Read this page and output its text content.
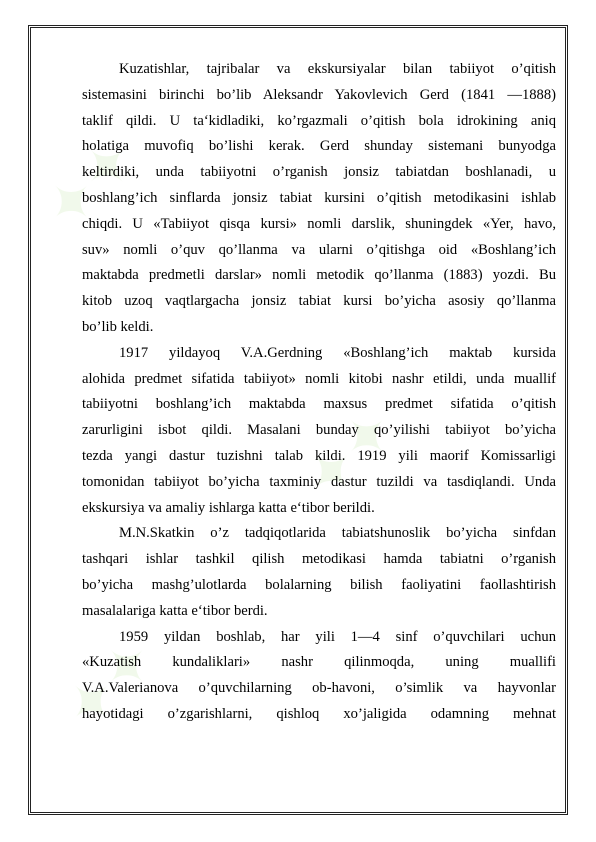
✦✦
✦✦
✦✦
Kuzatishlar, tajribalar va ekskursiyalar bilan tabiiyot o’qitish
sistemasini birinchi bo’lib Aleksandr Yakovlevich Gerd (1841 —1888)
taklif qildi. U ta‘kidladiki, ko’rgazmali o’qitish bola idrokining aniq
holatiga muvofiq bo’lishi kerak. Gerd shunday sistemani bunyodga
keltirdiki, unda tabiiyotni o’rganish jonsiz tabiatdan boshlanadi, u
boshlang’ich sinflarda jonsiz tabiat kursini o’qitish metodikasini ishlab
chiqdi. U «Tabiiyot qisqa kursi» nomli darslik, shuningdek «Yer, havo,
suv» nomli o’quv qo’llanma va ularni o’qitishga oid «Boshlang’ich
maktabda predmetli darslar» nomli metodik qo’llanma (1883) yozdi. Bu
kitob uzoq vaqtlargacha jonsiz tabiat kursi bo’yicha asosiy qo’llanma
bo’lib keldi.
1917 yildayoq V.A.Gerdning «Boshlang’ich maktab kursida
alohida predmet sifatida tabiiyot» nomli kitobi nashr etildi, unda muallif
tabiiyotni boshlang’ich maktabda maxsus predmet sifatida o’qitish
zarurligini isbot qildi. Masalani bunday qo’yilishi tabiiyot bo’yicha
tezda yangi dastur tuzishni talab kildi. 1919 yili maorif Komissarligi
tomonidan tabiiyot bo’yicha taxminiy dastur tuzildi va tasdiqlandi. Unda
ekskursiya va amaliy ishlarga katta e‘tibor berildi.
M.N.Skatkin o’z tadqiqotlarida tabiatshunoslik bo’yicha sinfdan
tashqari ishlar tashkil qilish metodikasi hamda tabiatni o’rganish
bo’yicha mashg’ulotlarda bolalarning bilish faoliyatini faollashtirish
masalalariga katta e‘tibor berdi.
1959 yildan boshlab, har yili 1—4 sinf o’quvchilari uchun
«Kuzatish kundaliklari» nashr qilinmoqda, uning muallifi
V.A.Valerianova o’quvchilarning ob-havoni, o’simlik va hayvonlar
hayotidagi o’zgarishlarni, qishloq xo’jaligida odamning mehnat
